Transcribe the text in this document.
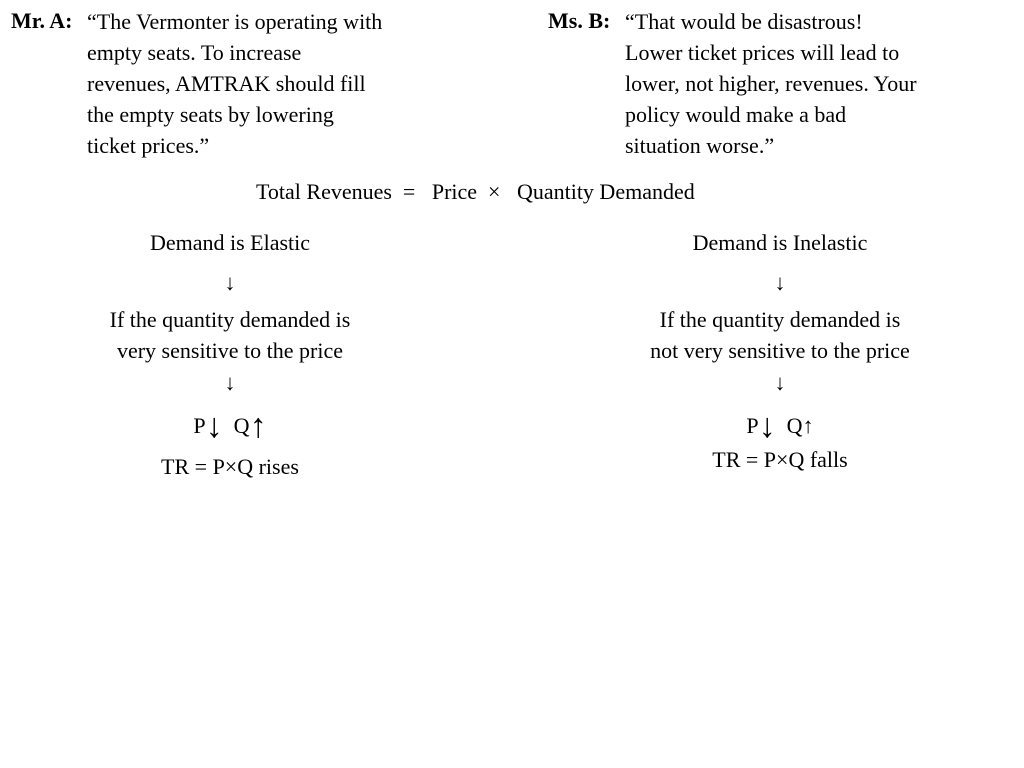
Mr. A: “The Vermonter is operating with
empty seats. To increase
revenues, AMTRAK should fill
the empty seats by lowering
ticket prices.”
Ms. B: “That would be disastrous!
Lower ticket prices will lead to
lower, not higher, revenues. Your
policy would make a bad
situation worse.”
Total Revenues  =   Price  ×   Quantity Demanded
Demand is Elastic
↓
If the quantity demanded is
very sensitive to the price
↓
P↓ Q↑
TR = P×Q rises
Demand is Inelastic
↓
If the quantity demanded is
not very sensitive to the price
↓
P↓ Q↑
TR = P×Q falls
